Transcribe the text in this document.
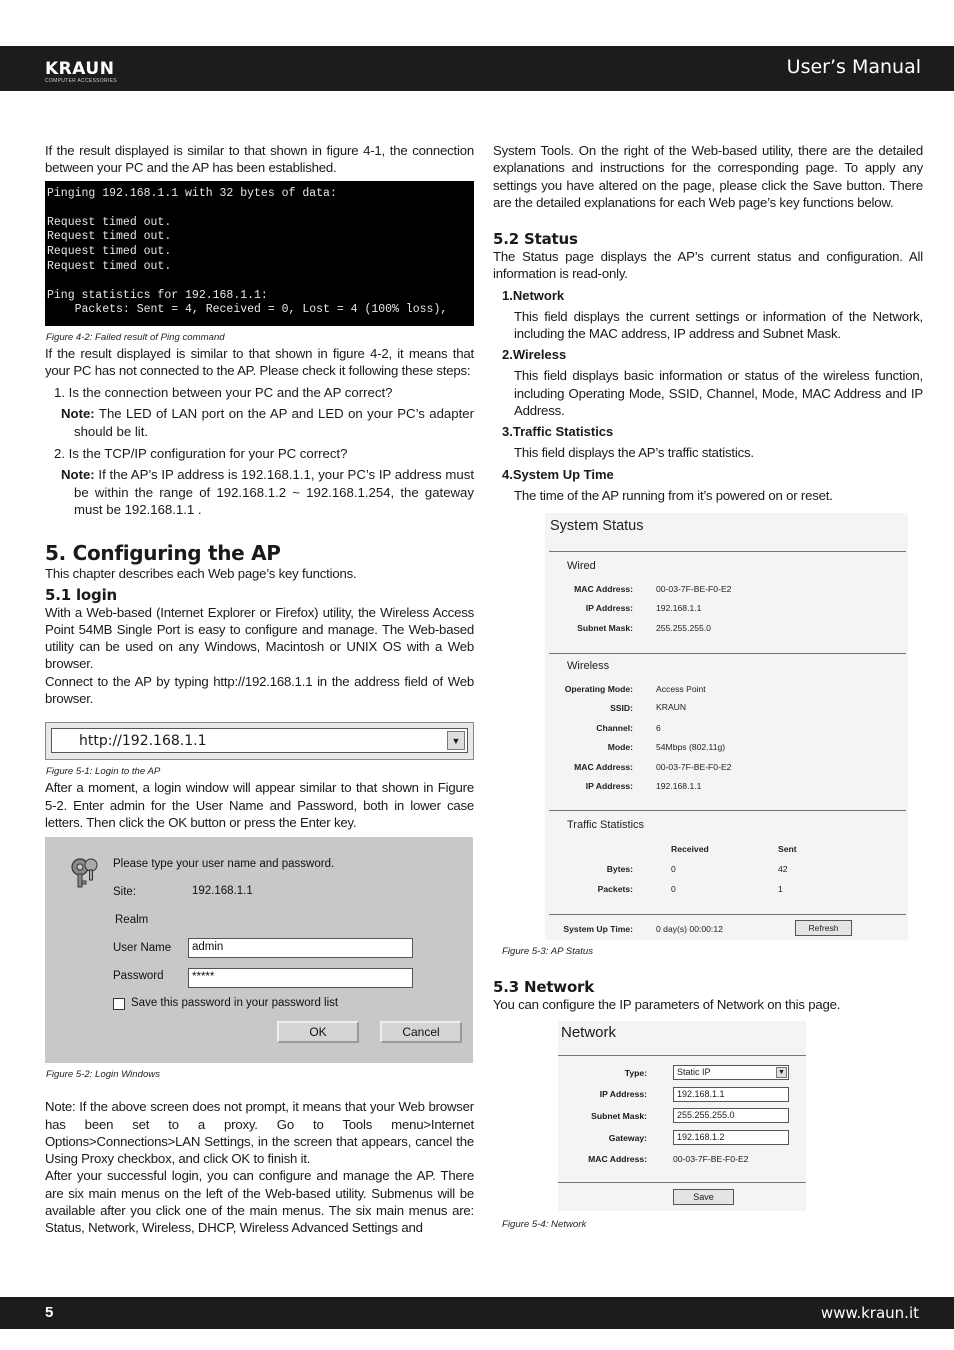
KRAUN
COMPUTER ACCESSORIES
User’s Manual

If the result displayed is similar to that shown in figure 4-1, the connection between your PC and the AP has been established.

Pinging 192.168.1.1 with 32 bytes of data:

Request timed out.
Request timed out.
Request timed out.
Request timed out.

Ping statistics for 192.168.1.1:
Packets: Sent = 4, Received = 0, Lost = 4 (100% loss),
Figure 4-2: Failed result of Ping command

If the result displayed is similar to that shown in figure 4-2, it means that your PC has not connected to the AP. Please check it following these steps:

1. Is the connection between your PC and the AP correct?
Note: The LED of LAN port on the AP and LED on your PC’s adapter should be lit.
2. Is the TCP/IP configuration for your PC correct?
Note: If the AP’s IP address is 192.168.1.1, your PC’s IP address must be within the range of 192.168.1.2 ~ 192.168.1.254, the gateway must be 192.168.1.1 .
5. Configuring the AP

This chapter describes each Web page’s key functions.

5.1 login

With a Web-based (Internet Explorer or Firefox) utility, the Wireless Access Point 54MB Single Port is easy to configure and manage. The Web-based utility can be used on any Windows, Macintosh or UNIX OS with a Web browser.

Connect to the AP by typing http://192.168.1.1 in the address field of Web browser.

http://192.168.1.1	▼
Figure 5-1: Login to the AP

After a moment, a login window will appear similar to that shown in Figure 5-2. Enter admin for the User Name and Password, both in lower case letters. Then click the OK button or press the Enter key.

Please type your user name and password.
Site:	192.168.1.1
Realm
User Name	admin
Password	*****
Save this password in your password list
OK	Cancel
Figure 5-2: Login Windows

Note: If the above screen does not prompt, it means that your Web browser has been set to a proxy. Go to Tools menu>Internet Options>Connections>LAN Settings, in the screen that appears, cancel the Using Proxy checkbox, and click OK to finish it.

After your successful login, you can configure and manage the AP. There are six main menus on the left of the Web-based utility. Submenus will be available after you click one of the main menus. The six main menus are: Status, Network, Wireless, DHCP, Wireless Advanced Settings and

System Tools. On the right of the Web-based utility, there are the detailed explanations and instructions for the corresponding page. To apply any settings you have altered on the page, please click the Save button. There are the detailed explanations for each Web page’s key functions below.

5.2 Status

The Status page displays the AP’s current status and configuration. All information is read-only.

1.Network
This field displays the current settings or information of the Network, including the MAC address, IP address and Subnet Mask.
2.Wireless
This field displays basic information or status of the wireless function, including Operating Mode, SSID, Channel, Mode, MAC Address and IP Address.
3.Traffic Statistics
This field displays the AP’s traffic statistics.
4.System Up Time
The time of the AP running from it’s powered on or reset.
System Status
Wired
MAC Address:	00-03-7F-BE-F0-E2
IP Address:	192.168.1.1
Subnet Mask:	255.255.255.0
Wireless
Operating Mode:	Access Point
SSID:	KRAUN
Channel:	6
Mode:	54Mbps (802.11g)
MAC Address:	00-03-7F-BE-F0-E2
IP Address:	192.168.1.1
Traffic Statistics
Received	Sent
Bytes:	0	42
Packets:	0	1
System Up Time:	0 day(s) 00:00:12	Refresh
Figure 5-3: AP Status
5.3 Network

You can configure the IP parameters of Network on this page.

Network
Type:	Static IP	▼
IP Address:	192.168.1.1
Subnet Mask:	255.255.255.0
Gateway:	192.168.1.2
MAC Address:	00-03-7F-BE-F0-E2
Save
Figure 5-4: Network
5	www.kraun.it
